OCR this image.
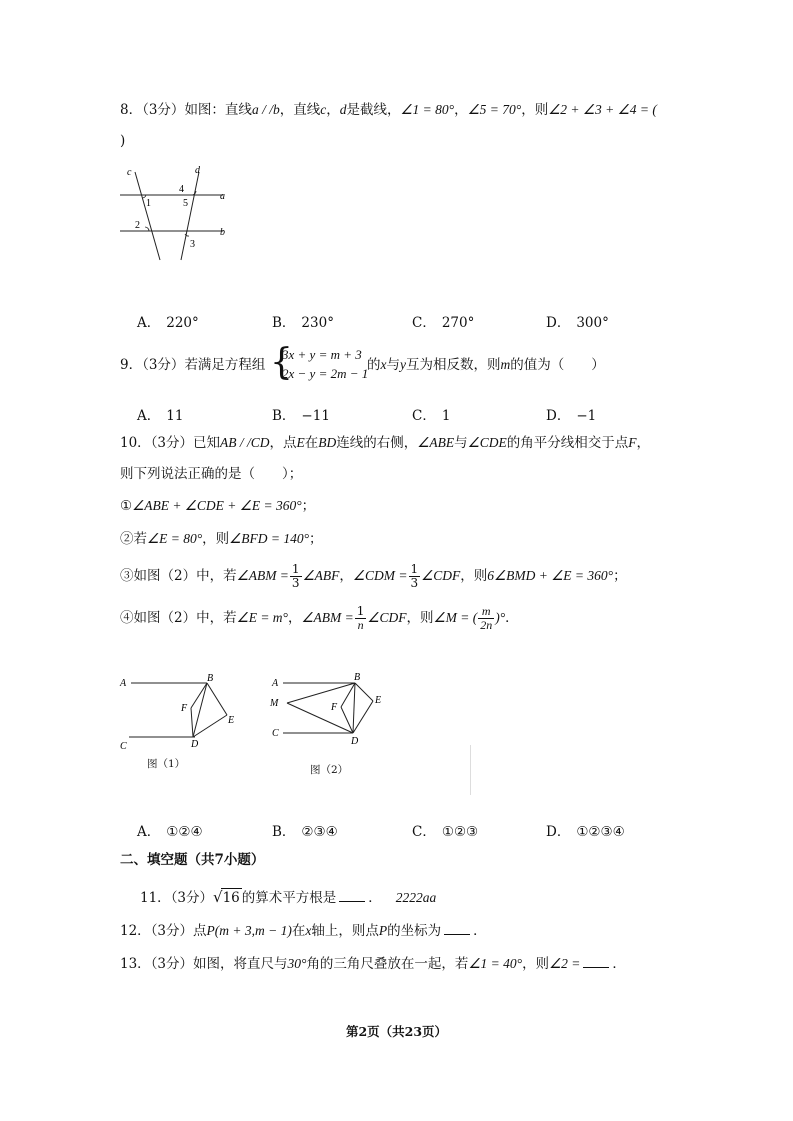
8．（3分）如图：直线a / /b，直线c，d是截线，∠1 = 80°，∠5 = 70°，则∠2 + ∠3 + ∠4 = (
)
c	d
a
b
1
2
3
4
5
A． 220°	B． 230°	C． 270°	D． 300°
9．（3分）若满足方程组 {
3x + y = m + 3
2x − y = 2m − 1
的x与y互为相反数，则m的值为（　　）
A． 11	B． −11	C． 1	D． −1
10．（3分）已知AB / /CD，点E在BD连线的右侧，∠ABE与∠CDE的角平分线相交于点F，
则下列说法正确的是（　　）；
①∠ABE + ∠CDE + ∠E = 360°；
②若∠E = 80°，则∠BFD = 140°；
③如图（2）中，若∠ABM = $\frac{1}{3}$ ∠ABF，∠CDM = $\frac{1}{3}$ ∠CDF，则6∠BMD + ∠E = 360°；
④如图（2）中，若∠E = m°，∠ABM = $\frac{1}{n}$ ∠CDF，则∠M = ( $\frac{m}{2n}$ )°．
A	B
F
E
C	D
图（1）
A
B
M	F
E
C
D
图（2）
A． ①②④	B． ②③④	C． ①②③	D． ①②③④
二、填空题（共7小题）
11．（3分）√16 的算术平方根是 ． 2222aa
12．（3分）点P(m + 3,m − 1)在x轴上，则点P的坐标为 ．
13．（3分）如图，将直尺与30°角的三角尺叠放在一起，若∠1 = 40°，则∠2 = ．
第2页（共23页）
